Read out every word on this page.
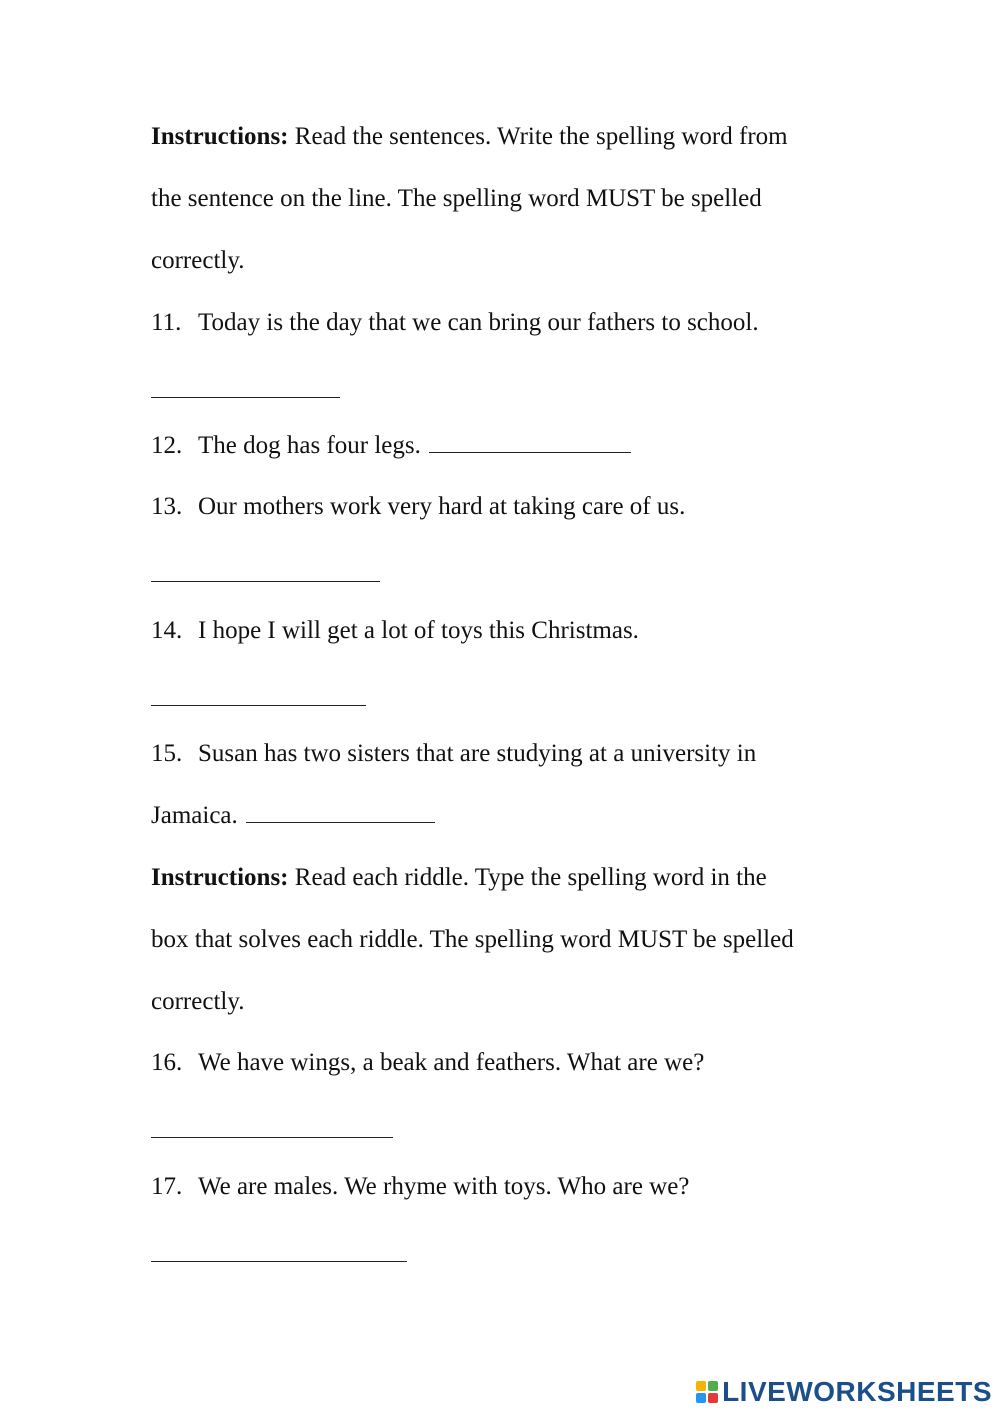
Instructions: Read the sentences. Write the spelling word from
the sentence on the line. The spelling word MUST be spelled
correctly.
11. Today is the day that we can bring our fathers to school.
12. The dog has four legs.
13. Our mothers work very hard at taking care of us.
14. I hope I will get a lot of toys this Christmas.
15. Susan has two sisters that are studying at a university in
Jamaica.
Instructions: Read each riddle. Type the spelling word in the
box that solves each riddle. The spelling word MUST be spelled
correctly.
16. We have wings, a beak and feathers. What are we?
17. We are males. We rhyme with toys. Who are we?
LIVEWORKSHEETS
